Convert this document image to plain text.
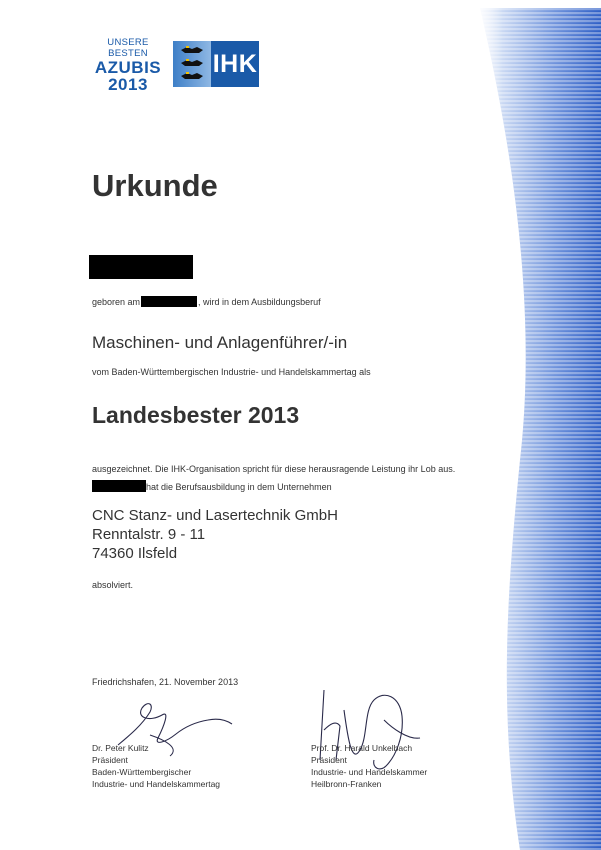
UNSERE BESTEN
AZUBIS
2013
IHK
Urkunde
geboren am	, wird in dem Ausbildungsberuf
Maschinen- und Anlagenführer/-in
vom Baden-Württembergischen Industrie- und Handelskammertag als
Landesbester 2013
ausgezeichnet. Die IHK-Organisation spricht für diese herausragende Leistung ihr Lob aus.
hat die Berufsausbildung in dem Unternehmen
CNC Stanz- und Lasertechnik GmbH
Renntalstr. 9 - 11
74360 Ilsfeld
absolviert.
Friedrichshafen, 21. November 2013
Dr. Peter Kulitz
Präsident
Baden-Württembergischer
Industrie- und Handelskammertag
Prof. Dr. Harald Unkelbach
Präsident
Industrie- und Handelskammer
Heilbronn-Franken
